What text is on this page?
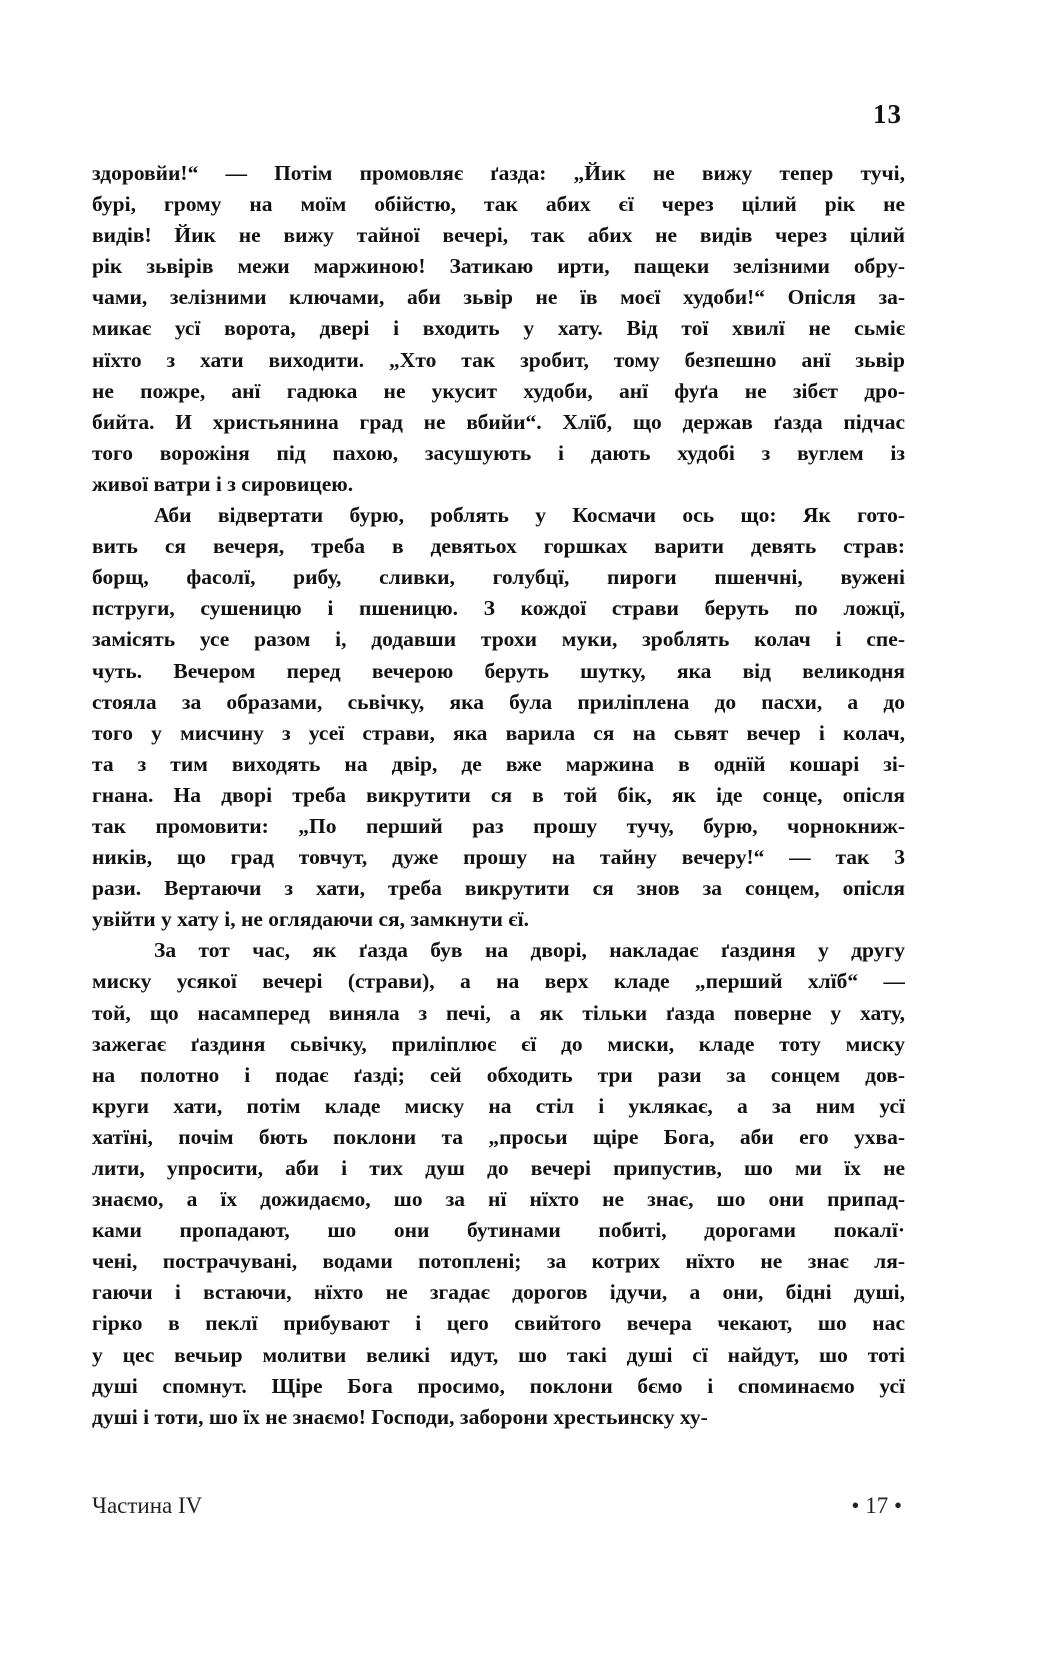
13
здоровйи!“ — Потім промовляє ґазда: „Йик не вижу тепер тучі,
бурі, грому на моїм обійстю, так абих єї через цілий рік не
видів! Йик не вижу тайної вечері, так абих не видів через цілий
рік зьвірів межи маржиною! Затикаю ирти, пащеки зелізними обру-
чами, зелізними ключами, аби зьвір не їв моєї худоби!“ Опісля за-
микає усї ворота, двері і входить у хату. Від тої хвилї не сьміє
нїхто з хати виходити. „Хто так зробит, тому безпешно анї зьвір
не пожре, анї гадюка не укусит худоби, анї фуґа не зібєт дро-
бийта. И христьянина град не вбийи“. Хлїб, що держав ґазда підчас
того ворожіня під пахою, засушують і дають худобі з вуглем із
живої ватри і з сировицею.
Аби відвертати бурю, роблять у Космачи ось що: Як гото-
вить ся вечеря, треба в девятьох горшках варити девять страв:
борщ, фасолї, рибу, сливки, голубцї, пироги пшенчні, вужені
пструги, сушеницю і пшеницю. З кождої страви беруть по ложцї,
замісять усе разом і, додавши трохи муки, зроблять колач і спе-
чуть. Вечером перед вечерою беруть шутку, яка від великодня
стояла за образами, сьвічку, яка була приліплена до пасхи, а до
того у мисчину з усеї страви, яка варила ся на сьвят вечер і колач,
та з тим виходять на двір, де вже маржина в однїй кошарі зі-
гнана. На дворі треба викрутити ся в той бік, як іде сонце, опісля
так промовити: „По перший раз прошу тучу, бурю, чорнокниж-
ників, що град товчут, дуже прошу на тайну вечеру!“ — так 3
рази. Вертаючи з хати, треба викрутити ся знов за сонцем, опісля
увійти у хату і, не оглядаючи ся, замкнути єї.
За тот час, як ґазда був на дворі, накладає ґаздиня у другу
миску усякої вечері (страви), а на верх кладе „перший хлїб“ —
той, що насамперед виняла з печі, а як тільки ґазда поверне у хату,
зажегає ґаздиня сьвічку, приліплює єї до миски, кладе тоту миску
на полотно і подає ґазді; сей обходить три рази за сонцем дов-
круги хати, потім кладе миску на стіл і уклякає, а за ним усї
хатїні, почім бють поклони та „просьи щіре Бога, аби его ухва-
лити, упросити, аби і тих душ до вечері припустив, шо ми їх не
знаємо, а їх дожидаємо, шо за нї нїхто не знає, шо они припад-
ками пропадают, шо они бутинами побиті, дорогами покалї·
чені, пострачувані, водами потоплені; за котрих нїхто не знає ля-
гаючи і встаючи, нїхто не згадає дорогов ідучи, а они, бідні душі,
гірко в пеклї прибувают і цего свийтого вечера чекают, шо нас
у цес вечьир молитви великі идут, шо такі душі сї найдут, шо тоті
душі спомнут. Щіре Бога просимо, поклони бємо і споминаємо усї
душі і тоти, шо їх не знаємо! Господи, заборони хрестьинску ху-
Частина IV	• 17 •
